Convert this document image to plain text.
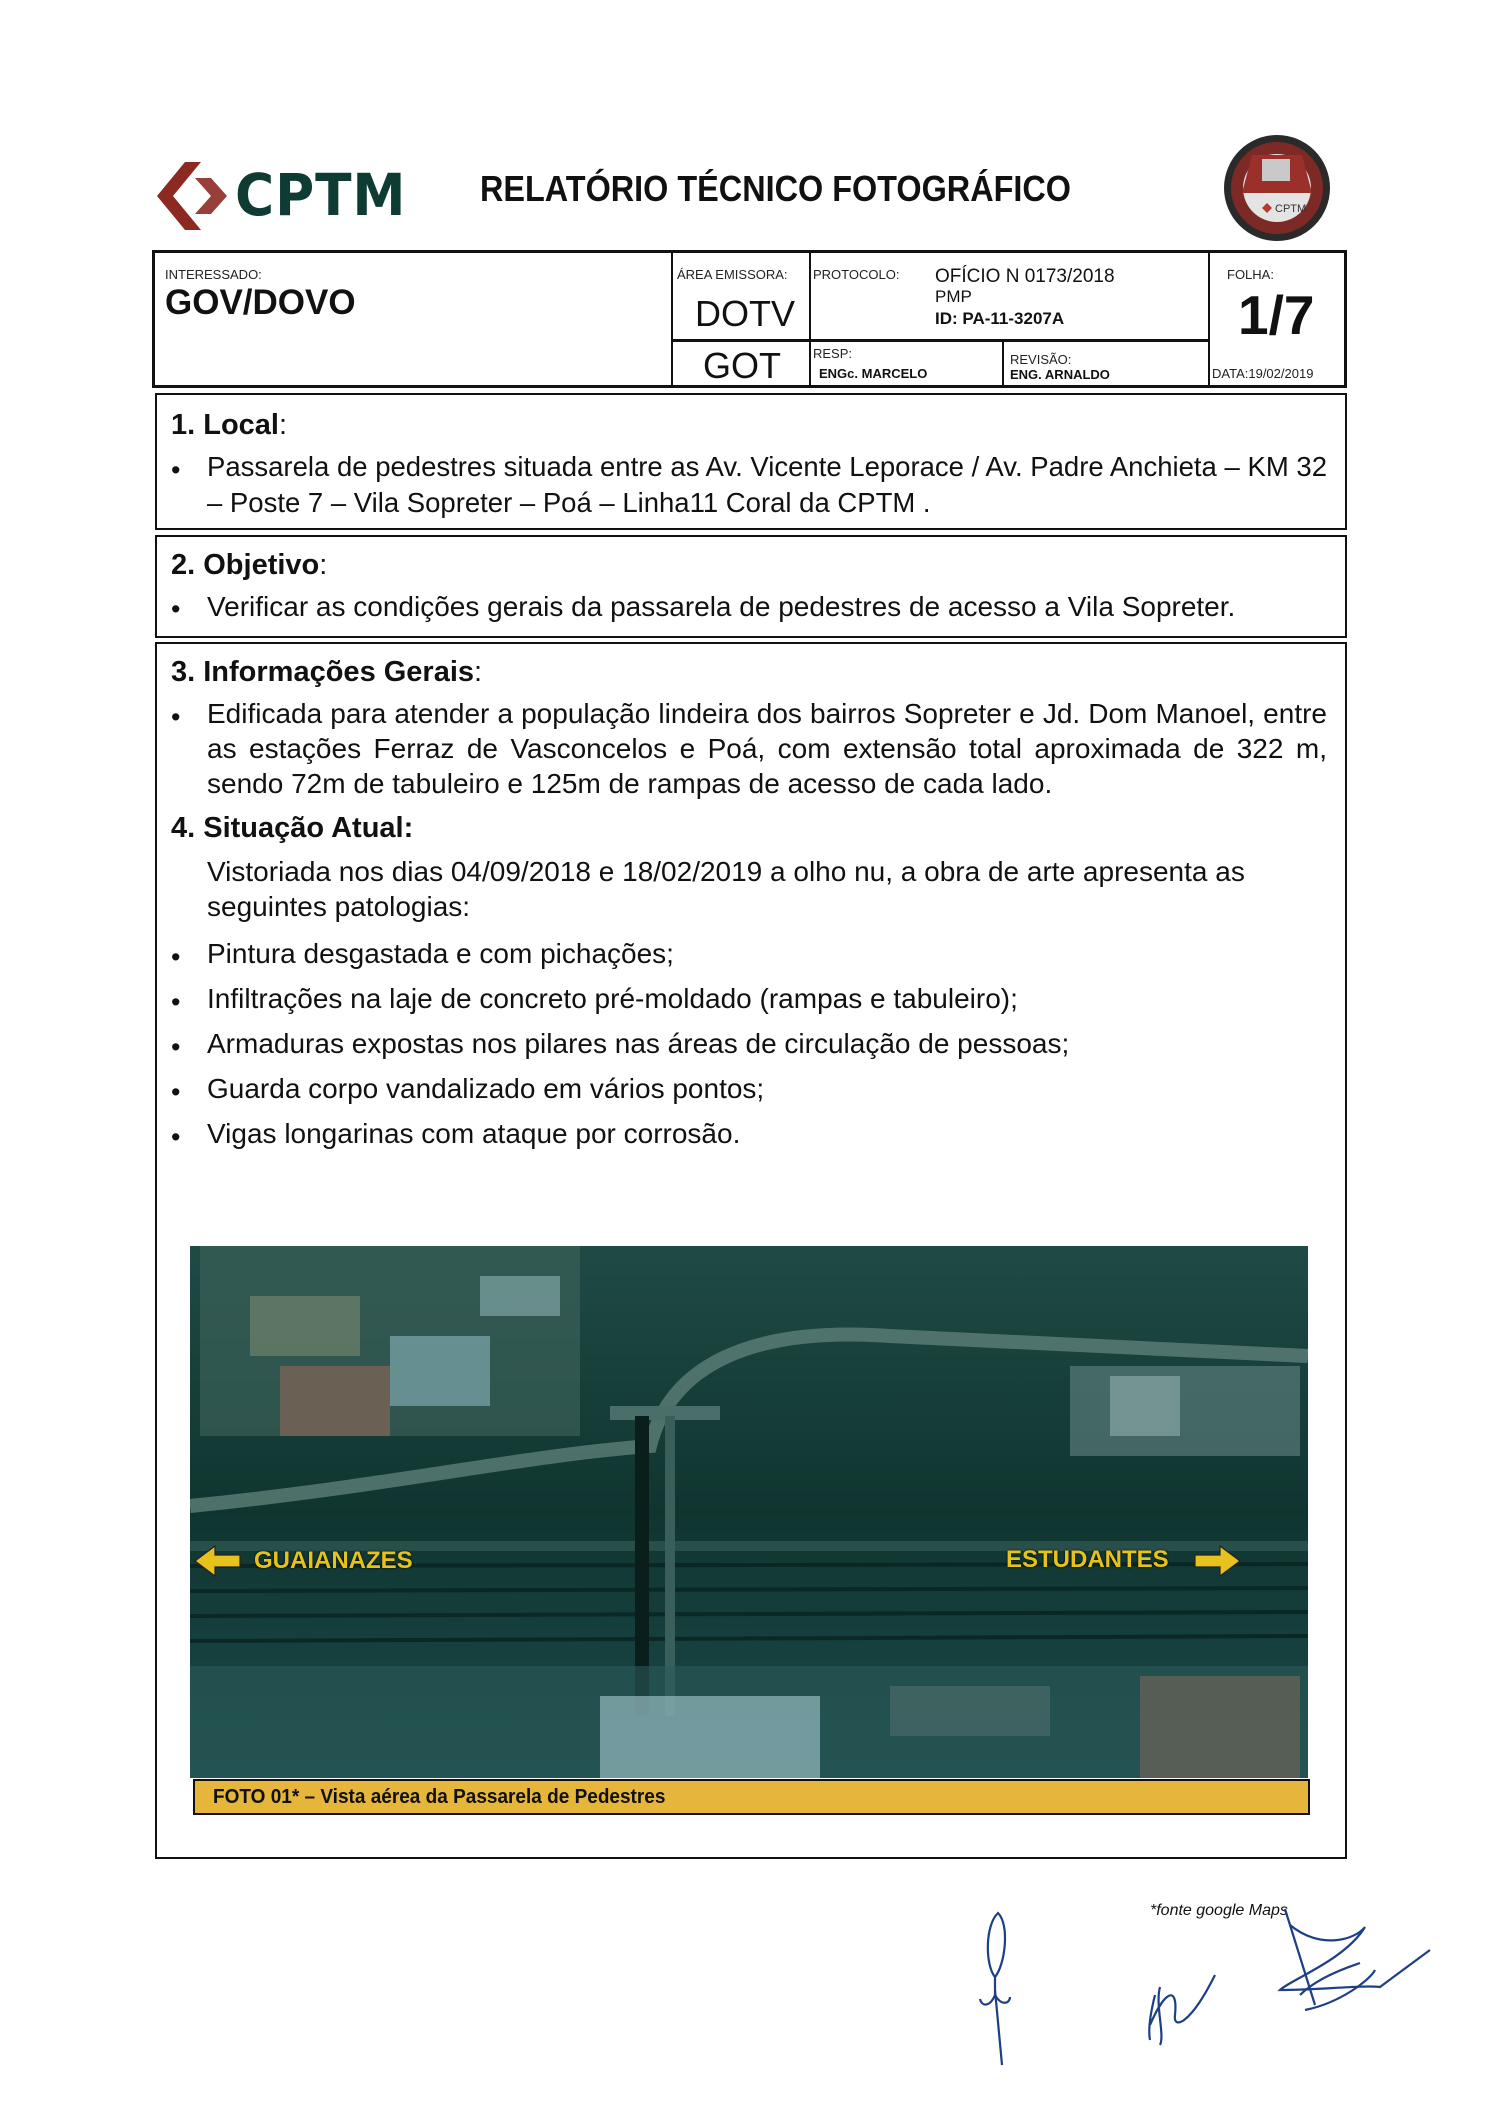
CPTM RELATÓRIO TÉCNICO FOTOGRÁFICO	CPTM
INTERESSADO:
GOV/DOVO
ÁREA EMISSORA:
DOTV
GOT
PROTOCOLO: OFÍCIO N 0173/2018
PMP
ID: PA-11-3207A
RESP:
ENGc. MARCELO
REVISÃO:
ENG. ARNALDO
FOLHA:
1/7
DATA:19/02/2019
1. Local:
• Passarela de pedestres situada entre as Av. Vicente Leporace / Av. Padre Anchieta – KM 32 – Poste 7 – Vila Sopreter – Poá – Linha11 Coral da CPTM .
2. Objetivo:
• Verificar as condições gerais da passarela de pedestres de acesso a Vila Sopreter.
3. Informações Gerais:
• Edificada para atender a população lindeira dos bairros Sopreter e Jd. Dom Manoel, entre as estações Ferraz de Vasconcelos e Poá, com extensão total aproximada de 322 m, sendo 72m de tabuleiro e 125m de rampas de acesso de cada lado.
4. Situação Atual:
Vistoriada nos dias 04/09/2018 e 18/02/2019 a olho nu, a obra de arte apresenta as seguintes patologias:
• Pintura desgastada e com pichações;
• Infiltrações na laje de concreto pré-moldado (rampas e tabuleiro);
• Armaduras expostas nos pilares nas áreas de circulação de pessoas;
• Guarda corpo vandalizado em vários pontos;
• Vigas longarinas com ataque por corrosão.
GUAIANAZES	ESTUDANTES
FOTO 01* – Vista aérea da Passarela de Pedestres
*fonte google Maps
